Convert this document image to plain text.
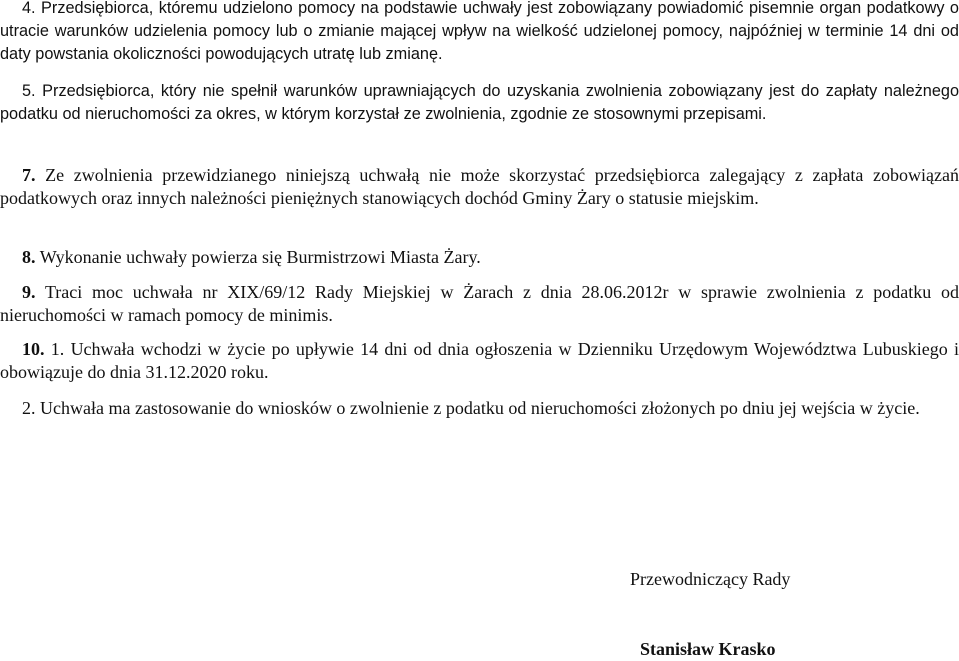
4. Przedsiębiorca, któremu udzielono pomocy na podstawie uchwały jest zobowiązany powiadomić pisemnie organ podatkowy o utracie warunków udzielenia pomocy lub o zmianie mającej wpływ na wielkość udzielonej pomocy, najpóźniej w terminie 14 dni od daty powstania okoliczności powodujących utratę lub zmianę.

5. Przedsiębiorca, który nie spełnił warunków uprawniających do uzyskania zwolnienia zobowiązany jest do zapłaty należnego podatku od nieruchomości za okres, w którym korzystał ze zwolnienia, zgodnie ze stosownymi przepisami.

7. Ze zwolnienia przewidzianego niniejszą uchwałą nie może skorzystać przedsiębiorca zalegający z zapłata zobowiązań podatkowych oraz innych należności pieniężnych stanowiących dochód Gminy Żary o statusie miejskim.

8. Wykonanie uchwały powierza się Burmistrzowi Miasta Żary.

9. Traci moc uchwała nr XIX/69/12 Rady Miejskiej w Żarach z dnia 28.06.2012r w sprawie zwolnienia z podatku od nieruchomości w ramach pomocy de minimis.

10. 1. Uchwała wchodzi w życie po upływie 14 dni od dnia ogłoszenia w Dzienniku Urzędowym Województwa Lubuskiego i obowiązuje do dnia 31.12.2020 roku.

2. Uchwała ma zastosowanie do wniosków o zwolnienie z podatku od nieruchomości złożonych po dniu jej wejścia w życie.

Przewodniczący Rady
Stanisław Krasko
